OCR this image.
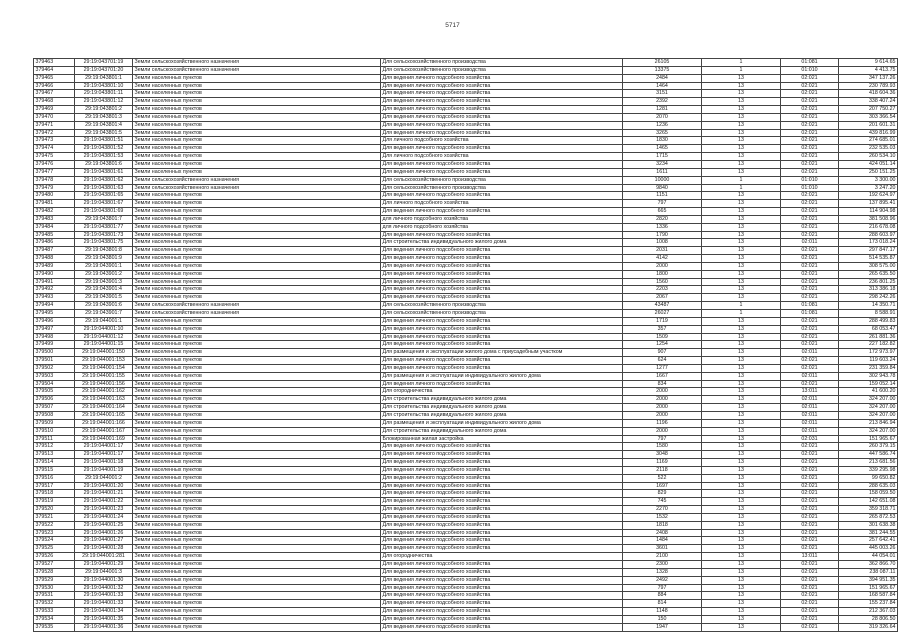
5717
379463	29:19:043701:19	Земли сельскохозяйственного назначения	Для сельскохозяйственного производства	26105	1	01:081	9 614.65
379464	29:19:043701:20	Земли сельскохозяйственного назначения	Для сельскохозяйственного производства	13375	1	01:010	4 413.75
379465	29:19:043801:1	Земли населенных пунктов	Для ведения личного подсобного хозяйства	2484	13	02:021	347 137.26
379466	29:19:043801:10	Земли населенных пунктов	Для ведения личного подсобного хозяйства	1464	13	02:021	230 789.93
379467	29:19:043801:11	Земли населенных пунктов	Для ведения личного подсобного хозяйства	3151	13	02:021	418 604.36
379468	29:19:043801:12	Земли населенных пунктов	Для ведения личного подсобного хозяйства	2392	13	02:021	338 407.24
379469	29:19:043801:2	Земли населенных пунктов	Для ведения личного подсобного хозяйства	1281	13	02:021	207 750.27
379470	29:19:043801:3	Земли населенных пунктов	Для ведения личного подсобного хозяйства	2070	13	02:021	303 366.54
379471	29:19:043801:4	Земли населенных пунктов	Для ведения личного подсобного хозяйства	1236	13	02:021	201 601.31
379472	29:19:043801:5	Земли населенных пунктов	Для ведения личного подсобного хозяйства	3265	13	02:021	439 816.99
379473	29:19:043801:51	Земли населенных пунктов	Для личного подсобного хозяйства	1830	13	02:021	274 685.01
379474	29:19:043801:52	Земли населенных пунктов	Для ведения личного подсобного хозяйства	1465	13	02:021	232 535.03
379475	29:19:043801:53	Земли населенных пунктов	Для личного подсобного хозяйства	1715	13	02:021	260 534.10
379476	29:19:043801:6	Земли населенных пунктов	Для ведения личного подсобного хозяйства	3234	13	02:021	424 051.14
379477	29:19:043801:61	Земли населенных пунктов	Для ведения личного подсобного хозяйства	1611	13	02:021	250 151.25
379478	29:19:043801:62	Земли сельскохозяйственного назначения	Для сельскохозяйственного производства	10000	1	01:010	3 300.00
379479	29:19:043801:63	Земли сельскохозяйственного назначения	Для сельскохозяйственного производства	9840	1	01:010	3 247.20
379480	29:19:043801:65	Земли населенных пунктов	Для ведения личного подсобного хозяйства	1151	13	02:021	192 624.97
379481	29:19:043801:67	Земли населенных пунктов	Для личного подсобного хозяйства	797	13	02:021	137 895.41
379482	29:19:043801:69	Земли населенных пунктов	Для ведения личного подсобного хозяйства	665	13	02:021	114 904.98
379483	29:19:043801:7	Земли населенных пунктов	для личного подсобного хозяйства	2820	13	02:021	381 508.96
379484	29:19:043801:77	Земли населенных пунктов	для личного подсобного хозяйства	1336	13	02:021	216 678.08
379485	29:19:043801:73	Земли населенных пунктов	Для ведения личного подсобного хозяйства	1790	13	02:021	288 603.97
379486	29:19:043801:75	Земли населенных пунктов	Для строительства индивидуального жилого дома	1008	13	02:011	173 018.24
379487	29:19:043801:8	Земли населенных пунктов	Для ведения личного подсобного хозяйства	2031	13	02:021	297 847.17
379488	29:19:043801:9	Земли населенных пунктов	Для ведения личного подсобного хозяйства	4142	13	02:021	514 535.87
379489	29:19:043901:1	Земли населенных пунктов	Для ведения личного подсобного хозяйства	2000	13	02:021	308 575.00
379490	29:19:043901:2	Земли населенных пунктов	Для ведения личного подсобного хозяйства	1800	13	02:021	265 635.50
379491	29:19:043901:3	Земли населенных пунктов	Для ведения личного подсобного хозяйства	1560	13	02:021	236 801.25
379492	29:19:043901:4	Земли населенных пунктов	Для ведения личного подсобного хозяйства	2203	13	02:021	313 386.18
379493	29:19:043901:5	Земли населенных пунктов	Для ведения личного подсобного хозяйства	2067	13	02:021	298 242.26
379494	29:19:043901:6	Земли сельскохозяйственного назначения	Для сельскохозяйственного производства	43487	1	01:081	14 350.71
379495	29:19:043901:7	Земли сельскохозяйственного назначения	Для сельскохозяйственного производства	26027	1	01:081	8 588.91
379496	29:19:044001:1	Земли населенных пунктов	Для ведения личного подсобного хозяйства	1719	13	02:021	288 499.83
379497	29:19:044001:10	Земли населенных пунктов	Для ведения личного подсобного хозяйства	357	13	02:021	68 053.47
379498	29:19:044001:12	Земли населенных пунктов	Для ведения личного подсобного хозяйства	1509	13	02:021	261 881.36
379499	29:19:044001:15	Земли населенных пунктов	Для ведения личного подсобного хозяйства	1254	13	02:021	227 182.82
379500	29:19:044001:150	Земли населенных пунктов	Для размещения и эксплуатации жилого дома с приусадебным участком	907	13	02:011	172 973.97
379501	29:19:044001:153	Земли населенных пунктов	Для ведения личного подсобного хозяйства	624	13	02:021	119 603.24
379502	29:19:044001:154	Земли населенных пунктов	Для ведения личного подсобного хозяйства	1277	13	02:021	231 359.84
379503	29:19:044001:155	Земли населенных пунктов	Для размещения и эксплуатации индивидуального жилого дома	1667	13	02:011	302 943.78
379504	29:19:044001:156	Земли населенных пунктов	Для ведения личного подсобного хозяйства	834	13	02:021	159 052.14
379505	29:19:044001:162	Земли населенных пунктов	Для огородничества	2000	13	13:011	41 600.20
379506	29:19:044001:163	Земли населенных пунктов	Для строительства индивидуального жилого дома	2000	13	02:011	324 207.00
379507	29:19:044001:164	Земли населенных пунктов	Для строительства индивидуального жилого дома	2000	13	02:011	324 207.00
379508	29:19:044001:165	Земли населенных пунктов	Для строительства индивидуального жилого дома	2000	13	02:011	324 207.00
379509	29:19:044001:166	Земли населенных пунктов	Для размещения и эксплуатации индивидуального жилого дома	1196	13	02:011	213 846.94
379510	29:19:044001:167	Земли населенных пунктов	Для строительства индивидуального жилого дома	2000	13	02:011	324 207.00
379511	29:19:044001:169	Земли населенных пунктов	Блокированная жилая застройка	797	13	02:031	151 965.67
379512	29:19:044001:17	Земли населенных пунктов	Для ведения личного подсобного хозяйства	1580	13	02:021	260 379.15
379513	29:19:044001:17	Земли населенных пунктов	Для ведения личного подсобного хозяйства	3048	13	02:021	447 586.74
379514	29:19:044001:18	Земли населенных пунктов	Для ведения личного подсобного хозяйства	1169	13	02:021	213 681.56
379515	29:19:044001:19	Земли населенных пунктов	Для ведения личного подсобного хозяйства	2118	13	02:021	339 295.98
379516	29:19:044001:2	Земли населенных пунктов	Для ведения личного подсобного хозяйства	522	13	02:021	99 650.82
379517	29:19:044001:20	Земли населенных пунктов	Для ведения личного подсобного хозяйства	1697	13	02:021	288 635.03
379518	29:19:044001:21	Земли населенных пунктов	Для ведения личного подсобного хозяйства	829	13	02:021	158 059.50
379519	29:19:044001:22	Земли населенных пунктов	Для ведения личного подсобного хозяйства	745	13	02:021	142 651.08
379520	29:19:044001:23	Земли населенных пунктов	Для ведения личного подсобного хозяйства	2270	13	02:021	359 318.71
379521	29:19:044001:24	Земли населенных пунктов	Для ведения личного подсобного хозяйства	1532	13	02:021	265 872.53
379522	29:19:044001:25	Земли населенных пунктов	Для ведения личного подсобного хозяйства	1818	13	02:021	301 638.38
379523	29:19:044001:26	Земли населенных пунктов	Для ведения личного подсобного хозяйства	2408	13	02:021	381 244.55
379524	29:19:044001:27	Земли населенных пунктов	Для ведения личного подсобного хозяйства	1484	13	02:021	257 642.41
379525	29:19:044001:28	Земли населенных пунктов	Для ведения личного подсобного хозяйства	3601	13	02:021	445 003.26
379526	29:19:044001:281	Земли населенных пунктов	Для огородничества	2100	13	13:011	44 054.01
379527	29:19:044001:29	Земли населенных пунктов	Для ведения личного подсобного хозяйства	2300	13	02:021	362 866.70
379528	29:19:044001:3	Земли населенных пунктов	Для ведения личного подсобного хозяйства	1328	13	02:021	238 087.11
379529	29:19:044001:30	Земли населенных пунктов	Для ведения личного подсобного хозяйства	2492	13	02:021	394 951.35
379530	29:19:044001:32	Земли населенных пунктов	Для ведения личного подсобного хозяйства	797	13	02:021	151 965.67
379531	29:19:044001:33	Земли населенных пунктов	Для ведения личного подсобного хозяйства	884	13	02:021	168 587.84
379532	29:19:044001:33	Земли населенных пунктов	Для ведения личного подсобного хозяйства	814	13	02:021	155 237.84
379533	29:19:044001:34	Земли населенных пунктов	Для ведения личного подсобного хозяйства	1148	13	02:021	212 367.03
379534	29:19:044001:35	Земли населенных пунктов	Для ведения личного подсобного хозяйства	150	13	02:021	28 806.50
379535	29:19:044001:36	Земли населенных пунктов	Для ведения личного подсобного хозяйства	1947	13	02:021	319 326.64
